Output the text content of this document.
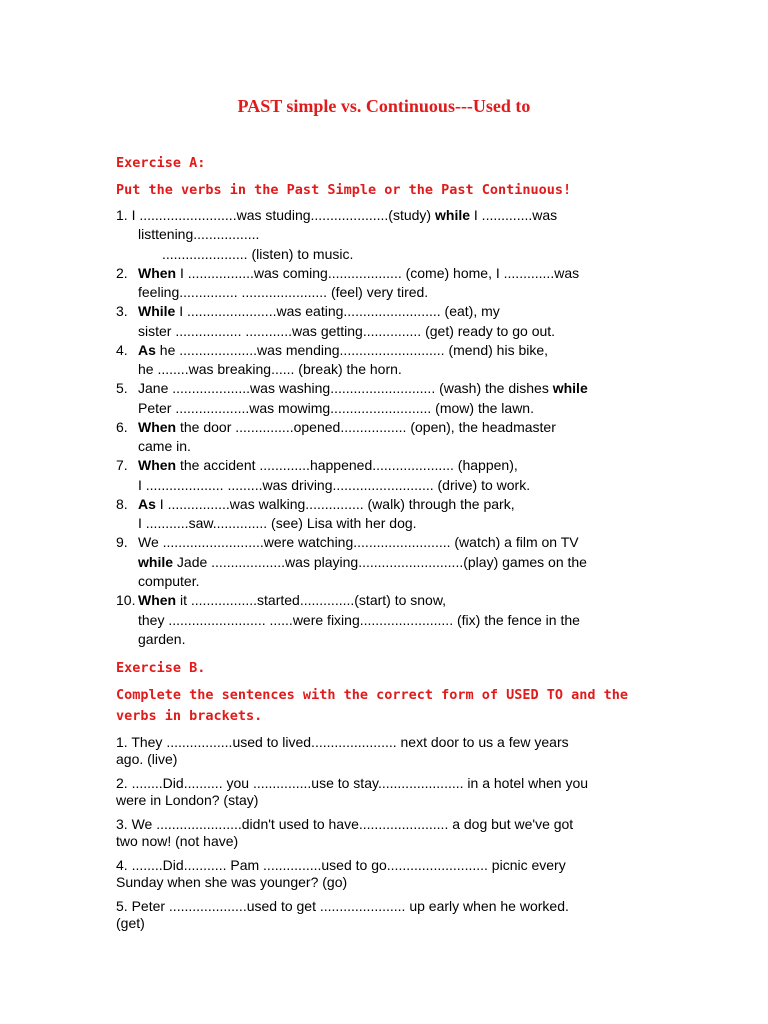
PAST simple vs. Continuous---Used to
Exercise A:
Put the verbs in the Past Simple or the Past Continuous!
1. I .........................was studing....................(study) while I .............was
listtening.................
...................... (listen) to music.
2. When I .................was coming................... (come) home, I .............was
feeling............... ...................... (feel) very tired.
3. While I .......................was eating......................... (eat), my
sister ................. ............was getting............... (get) ready to go out.
4. As he ....................was mending........................... (mend) his bike,
he ........was breaking...... (break) the horn.
5. Jane ....................was washing........................... (wash) the dishes while
Peter ...................was mowimg.......................... (mow) the lawn.
6. When the door ...............opened................. (open), the headmaster
came in.
7. When the accident .............happened..................... (happen),
I .................... .........was driving.......................... (drive) to work.
8. As I ................was walking............... (walk) through the park,
I ...........saw.............. (see) Lisa with her dog.
9. We ..........................were watching......................... (watch) a film on TV
while Jade ...................was playing...........................(play) games on the
computer.
10. When it .................started..............(start) to snow,
they ......................... ......were fixing........................ (fix) the fence in the
garden.
Exercise B.
Complete the sentences with the correct form of USED TO and the
verbs in brackets.
1. They .................used to lived...................... next door to us a few years
ago. (live)
2. ........Did.......... you ...............use to stay...................... in a hotel when you
were in London? (stay)
3. We ......................didn't used to have....................... a dog but we've got
two now! (not have)
4. ........Did........... Pam ...............used to go.......................... picnic every
Sunday when she was younger? (go)
5. Peter ....................used to get ...................... up early when he worked.
(get)
